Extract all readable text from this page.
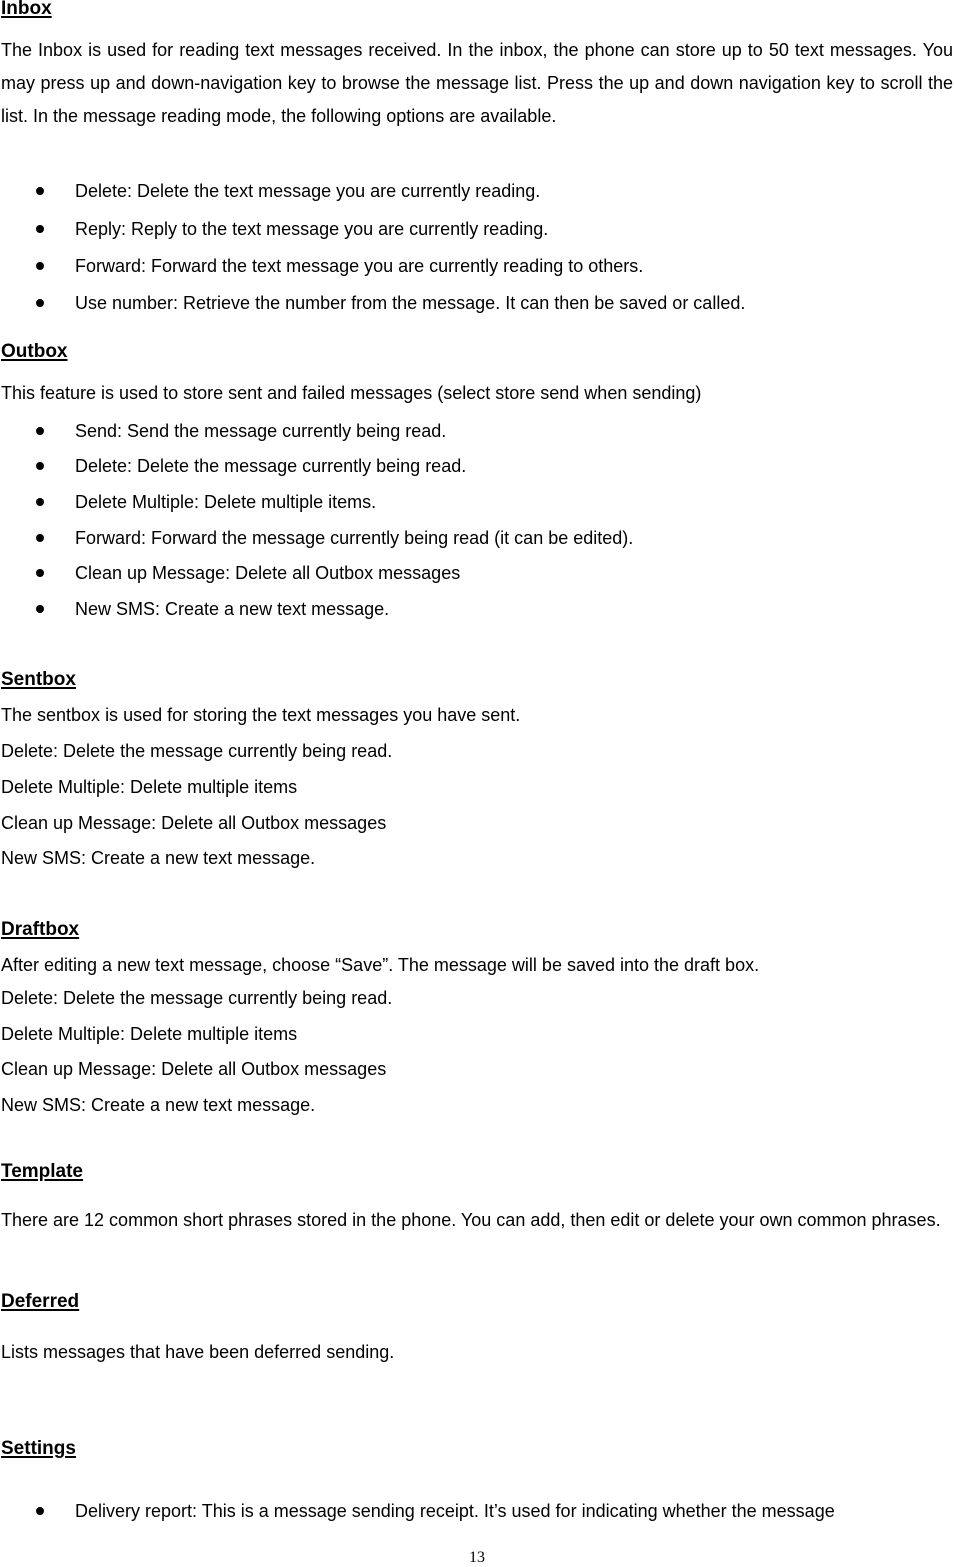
Inbox

The Inbox is used for reading text messages received. In the inbox, the phone can store up to 50 text messages. You may press up and down-navigation key to browse the message list. Press the up and down navigation key to scroll the list. In the message reading mode, the following options are available.

Delete: Delete the text message you are currently reading.
Reply: Reply to the text message you are currently reading.
Forward: Forward the text message you are currently reading to others.
Use number: Retrieve the number from the message. It can then be saved or called.
Outbox
This feature is used to store sent and failed messages (select store send when sending)
Send: Send the message currently being read.
Delete: Delete the message currently being read.
Delete Multiple: Delete multiple items.
Forward: Forward the message currently being read (it can be edited).
Clean up Message: Delete all Outbox messages
New SMS: Create a new text message.
Sentbox
The sentbox is used for storing the text messages you have sent.
Delete: Delete the message currently being read.
Delete Multiple: Delete multiple items
Clean up Message: Delete all Outbox messages
New SMS: Create a new text message.
Draftbox
After editing a new text message, choose “Save”. The message will be saved into the draft box.
Delete: Delete the message currently being read.
Delete Multiple: Delete multiple items
Clean up Message: Delete all Outbox messages
New SMS: Create a new text message.
Template

There are 12 common short phrases stored in the phone. You can add, then edit or delete your own common phrases.

Deferred
Lists messages that have been deferred sending.
Settings
Delivery report: This is a message sending receipt. It’s used for indicating whether the message
13
